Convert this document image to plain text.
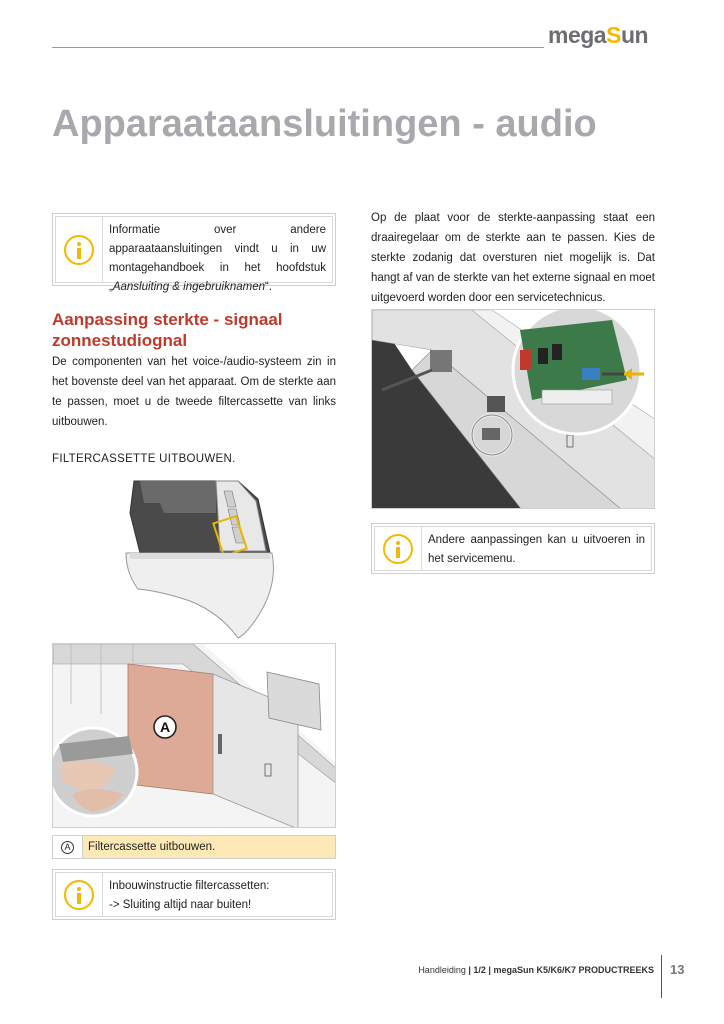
megaSun
Apparaataansluitingen - audio
Informatie over andere apparaataansluitingen vindt u in uw montagehandboek in het hoofdstuk „Aansluiting & ingebruiknamen“.
Aanpassing sterkte - signaal zonnestudiognal

De componenten van het voice-/audio-systeem zin in het bovenste deel van het apparaat. Om de sterkte aan te passen, moet u de tweede filtercassette van links uitbouwen.

FILTERCASSETTE UITBOUWEN.

A
A	Filtercassette uitbouwen.
Inbouwinstructie filtercassetten:
-> Sluiting altijd naar buiten!

Op de plaat voor de sterkte-aanpassing staat een draairegelaar om de sterkte aan te passen. Kies de sterkte zodanig dat oversturen niet mogelijk is. Dat hangt af van de sterkte van het externe signaal en moet uitgevoerd worden door een servicetechnicus.

Andere aanpassingen kan u uitvoeren in het servicemenu.
Handleiding | 1/2 | megaSun K5/K6/K7 PRODUCTREEKS 13
